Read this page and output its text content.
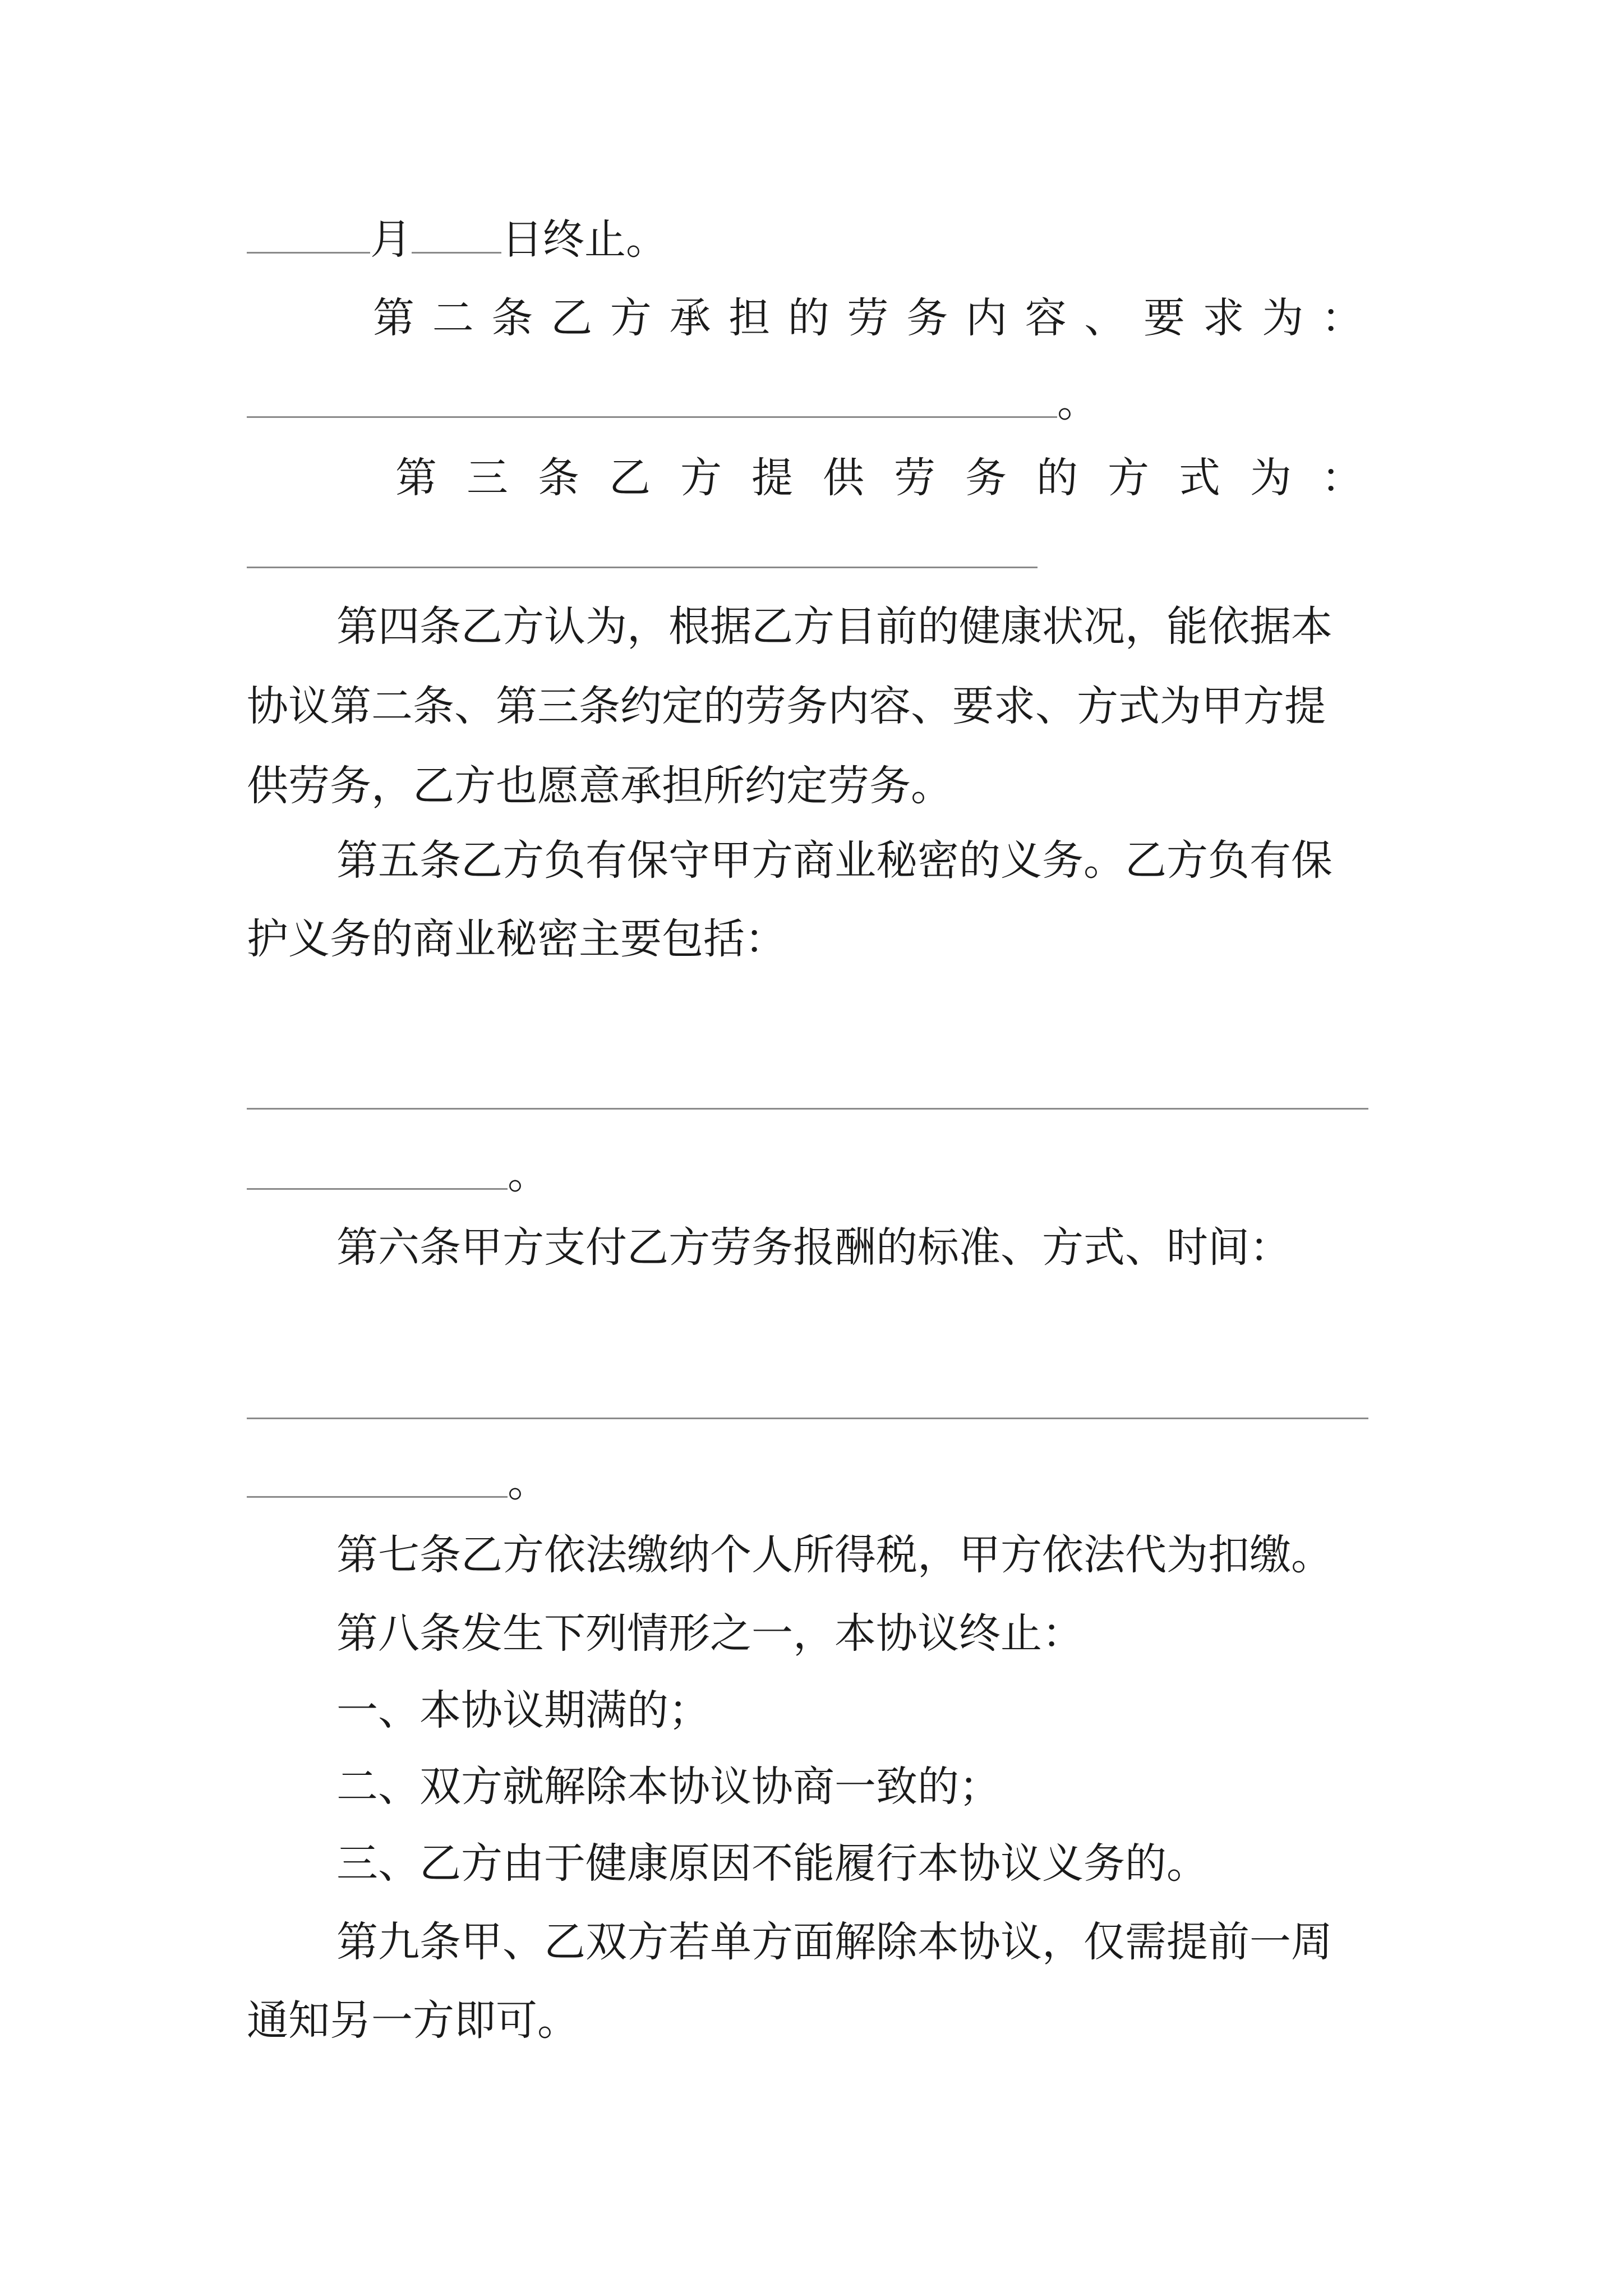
月 日终止。
第 二 条 乙 方 承 担 的 劳 务 内 容 、 要 求 为 ：
。
第 三 条 乙 方 提 供 劳 务 的 方 式 为 ：
第四条乙方认为，根据乙方目前的健康状况，能依据本
协议第二条、第三条约定的劳务内容、要求、方式为甲方提
供劳务，乙方也愿意承担所约定劳务。
第五条乙方负有保守甲方商业秘密的义务。乙方负有保
护义务的商业秘密主要包括：
。
第六条甲方支付乙方劳务报酬的标准、方式、时间：
。
第七条乙方依法缴纳个人所得税，甲方依法代为扣缴。
第八条发生下列情形之一，本协议终止：
一、本协议期满的；
二、双方就解除本协议协商一致的；
三、乙方由于健康原因不能履行本协议义务的。
第九条甲、乙双方若单方面解除本协议，仅需提前一周
通知另一方即可。
